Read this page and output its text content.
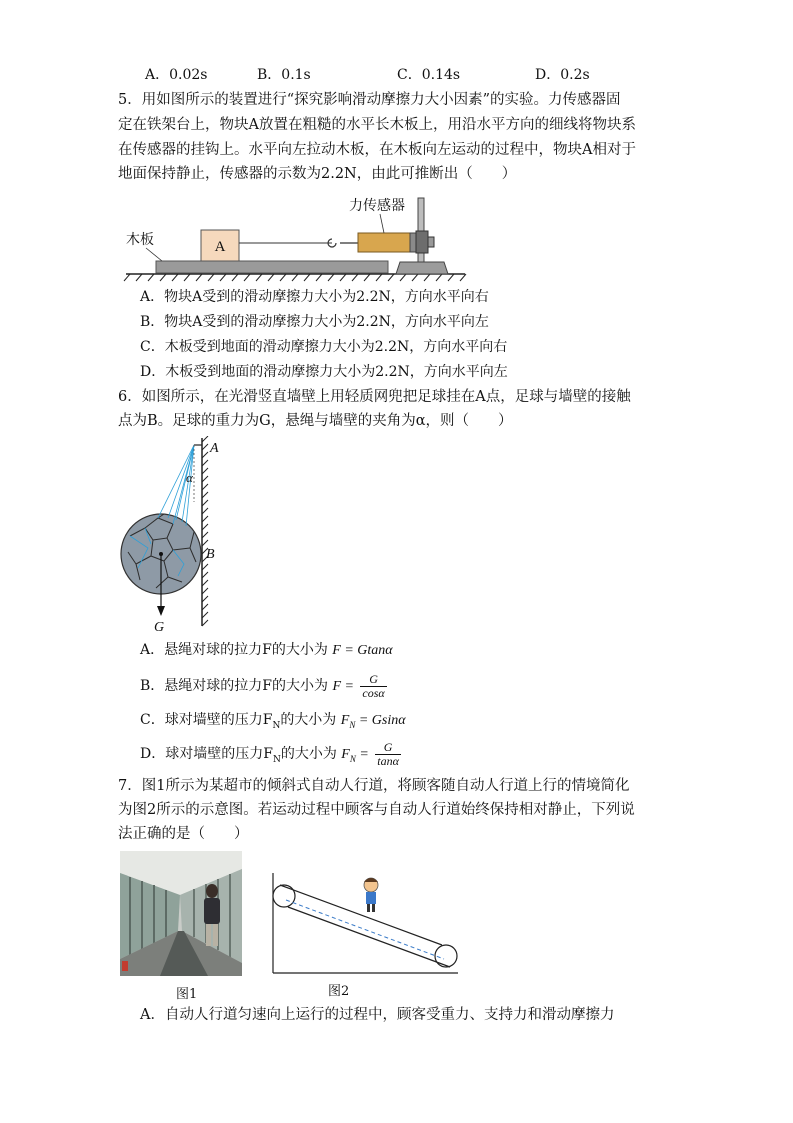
A．0.02s	B．0.1s	C．0.14s	D．0.2s
5．用如图所示的装置进行“探究影响滑动摩擦力大小因素”的实验。力传感器固
定在铁架台上，物块A放置在粗糙的水平长木板上，用沿水平方向的细线将物块系
在传感器的挂钩上。水平向左拉动木板，在木板向左运动的过程中，物块A相对于
地面保持静止，传感器的示数为2.2N，由此可推断出（　　）
A
力传感器
木板
A．物块A受到的滑动摩擦力大小为2.2N，方向水平向右
B．物块A受到的滑动摩擦力大小为2.2N，方向水平向左
C．木板受到地面的滑动摩擦力大小为2.2N，方向水平向右
D．木板受到地面的滑动摩擦力大小为2.2N，方向水平向左
6．如图所示，在光滑竖直墙壁上用轻质网兜把足球挂在A点，足球与墙壁的接触
点为B。足球的重力为G，悬绳与墙壁的夹角为α，则（　　）
A
α
B
G
A．悬绳对球的拉力F的大小为 F = Gtanα
B．悬绳对球的拉力F的大小为 $F = \frac{G}{\cos\alpha}$
C．球对墙壁的压力$F_N$的大小为 $F_N = Gsin\alpha$
D．球对墙壁的压力$F_N$的大小为 $F_N = \frac{G}{\tan\alpha}$
7．图1所示为某超市的倾斜式自动人行道，将顾客随自动人行道上行的情境简化
为图2所示的示意图。若运动过程中顾客与自动人行道始终保持相对静止，下列说
法正确的是（　　）
图1	图2
A．自动人行道匀速向上运行的过程中，顾客受重力、支持力和滑动摩擦力
